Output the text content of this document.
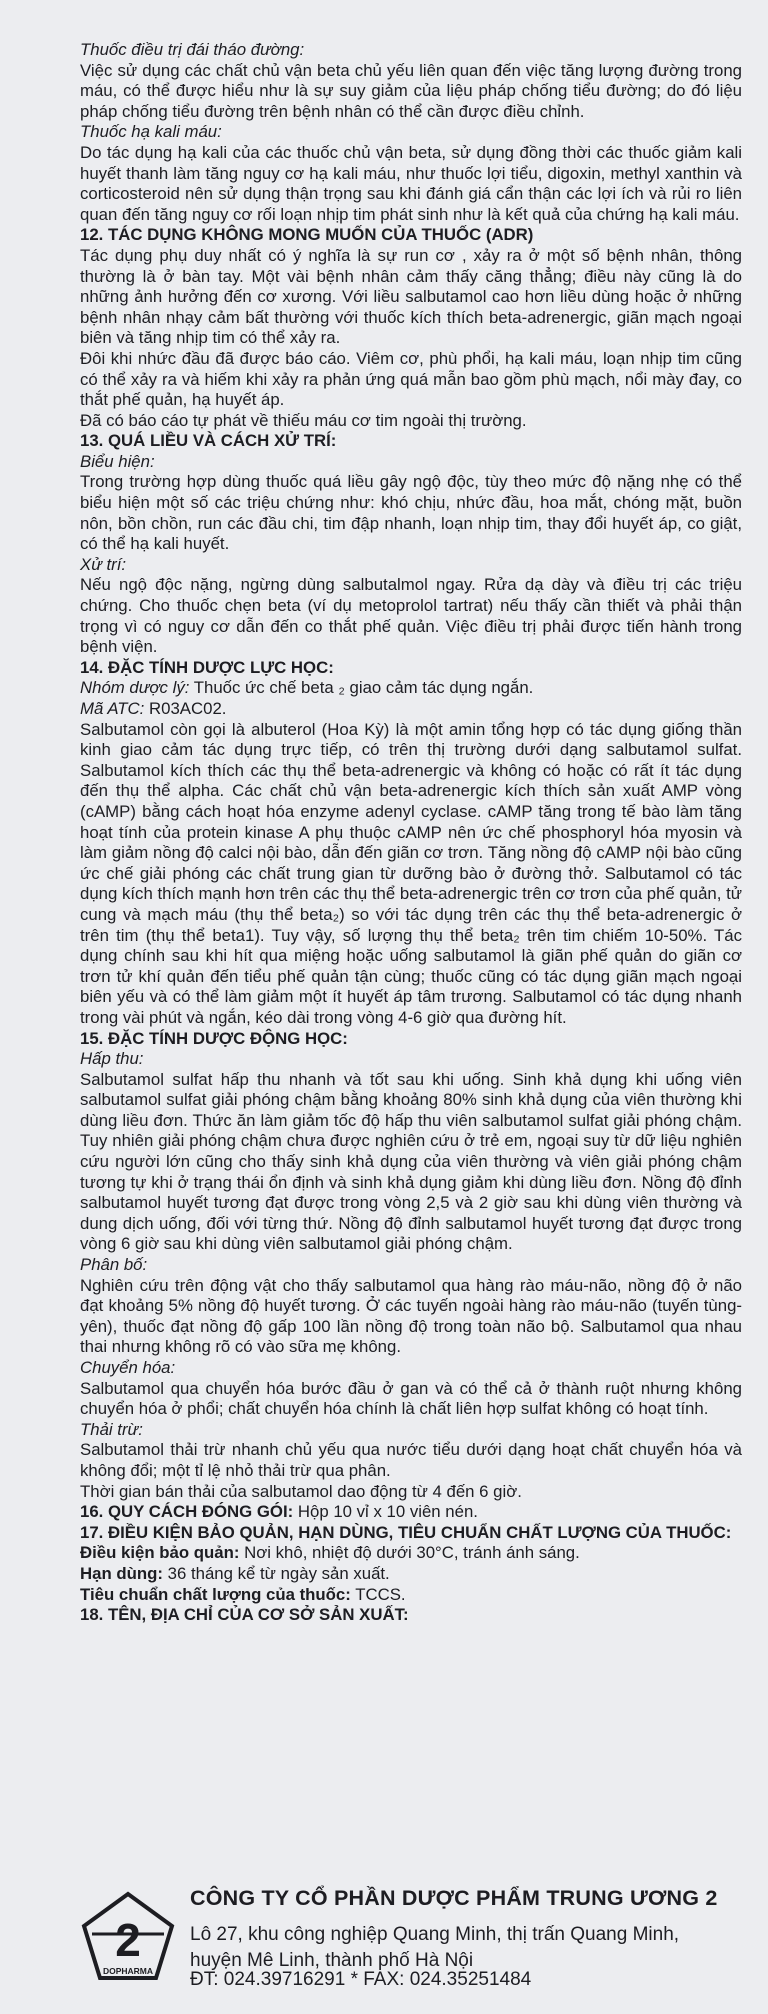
Thuốc điều trị đái tháo đường:

Việc sử dụng các chất chủ vận beta chủ yếu liên quan đến việc tăng lượng đường trong máu, có thể được hiểu như là sự suy giảm của liệu pháp chống tiểu đường; do đó liệu pháp chống tiểu đường trên bệnh nhân có thể cần được điều chỉnh.

Thuốc hạ kali máu:

Do tác dụng hạ kali của các thuốc chủ vận beta, sử dụng đồng thời các thuốc giảm kali huyết thanh làm tăng nguy cơ hạ kali máu, như thuốc lợi tiểu, digoxin, methyl xanthin và corticosteroid nên sử dụng thận trọng sau khi đánh giá cẩn thận các lợi ích và rủi ro liên quan đến tăng nguy cơ rối loạn nhịp tim phát sinh như là kết quả của chứng hạ kali máu.

12. TÁC DỤNG KHÔNG MONG MUỐN CỦA THUỐC (ADR)

Tác dụng phụ duy nhất có ý nghĩa là sự run cơ , xảy ra ở một số bệnh nhân, thông thường là ở bàn tay. Một vài bệnh nhân cảm thấy căng thẳng; điều này cũng là do những ảnh hưởng đến cơ xương. Với liều salbutamol cao hơn liều dùng hoặc ở những bệnh nhân nhạy cảm bất thường với thuốc kích thích beta-adrenergic, giãn mạch ngoại biên và tăng nhịp tim có thể xảy ra.

Đôi khi nhức đầu đã được báo cáo. Viêm cơ, phù phổi, hạ kali máu, loạn nhịp tim cũng có thể xảy ra và hiếm khi xảy ra phản ứng quá mẫn bao gồm phù mạch, nổi mày đay, co thắt phế quản, hạ huyết áp.

Đã có báo cáo tự phát về thiếu máu cơ tim ngoài thị trường.

13. QUÁ LIỀU VÀ CÁCH XỬ TRÍ:

Biểu hiện:

Trong trường hợp dùng thuốc quá liều gây ngộ độc, tùy theo mức độ nặng nhẹ có thể biểu hiện một số các triệu chứng như: khó chịu, nhức đầu, hoa mắt, chóng mặt, buồn nôn, bồn chồn, run các đầu chi, tim đập nhanh, loạn nhịp tim, thay đổi huyết áp, co giật, có thể hạ kali huyết.

Xử trí:

Nếu ngộ độc nặng, ngừng dùng salbutalmol ngay. Rửa dạ dày và điều trị các triệu chứng. Cho thuốc chẹn beta (ví dụ metoprolol tartrat) nếu thấy cần thiết và phải thận trọng vì có nguy cơ dẫn đến co thắt phế quản. Việc điều trị phải được tiến hành trong bệnh viện.

14. ĐẶC TÍNH DƯỢC LỰC HỌC:

Nhóm dược lý: Thuốc ức chế beta ₂ giao cảm tác dụng ngắn.

Mã ATC: R03AC02.

Salbutamol còn gọi là albuterol (Hoa Kỳ) là một amin tổng hợp có tác dụng giống thần kinh giao cảm tác dụng trực tiếp, có trên thị trường dưới dạng salbutamol sulfat. Salbutamol kích thích các thụ thể beta-adrenergic và không có hoặc có rất ít tác dụng đến thụ thể alpha. Các chất chủ vận beta-adrenergic kích thích sản xuất AMP vòng (cAMP) bằng cách hoạt hóa enzyme adenyl cyclase. cAMP tăng trong tế bào làm tăng hoạt tính của protein kinase A phụ thuộc cAMP nên ức chế phosphoryl hóa myosin và làm giảm nồng độ calci nội bào, dẫn đến giãn cơ trơn. Tăng nồng độ cAMP nội bào cũng ức chế giải phóng các chất trung gian từ dưỡng bào ở đường thở. Salbutamol có tác dụng kích thích mạnh hơn trên các thụ thể beta-adrenergic trên cơ trơn của phế quản, tử cung và mạch máu (thụ thể beta₂) so với tác dụng trên các thụ thể beta-adrenergic ở trên tim (thụ thể beta1). Tuy vậy, số lượng thụ thể beta₂ trên tim chiếm 10-50%. Tác dụng chính sau khi hít qua miệng hoặc uống salbutamol là giãn phế quản do giãn cơ trơn tử khí quản đến tiểu phế quản tận cùng; thuốc cũng có tác dụng giãn mạch ngoại biên yếu và có thể làm giảm một ít huyết áp tâm trương. Salbutamol có tác dụng nhanh trong vài phút và ngắn, kéo dài trong vòng 4-6 giờ qua đường hít.

15. ĐẶC TÍNH DƯỢC ĐỘNG HỌC:

Hấp thu:

Salbutamol sulfat hấp thu nhanh và tốt sau khi uống. Sinh khả dụng khi uống viên salbutamol sulfat giải phóng chậm bằng khoảng 80% sinh khả dụng của viên thường khi dùng liều đơn. Thức ăn làm giảm tốc độ hấp thu viên salbutamol sulfat giải phóng chậm. Tuy nhiên giải phóng chậm chưa được nghiên cứu ở trẻ em, ngoại suy từ dữ liệu nghiên cứu người lớn cũng cho thấy sinh khả dụng của viên thường và viên giải phóng chậm tương tự khi ở trạng thái ổn định và sinh khả dụng giảm khi dùng liều đơn. Nồng độ đỉnh salbutamol huyết tương đạt được trong vòng 2,5 và 2 giờ sau khi dùng viên thường và dung dịch uống, đối với từng thứ. Nồng độ đỉnh salbutamol huyết tương đạt được trong vòng 6 giờ sau khi dùng viên salbutamol giải phóng chậm.

Phân bố:

Nghiên cứu trên động vật cho thấy salbutamol qua hàng rào máu-não, nồng độ ở não đạt khoảng 5% nồng độ huyết tương. Ở các tuyến ngoài hàng rào máu-não (tuyến tùng-yên), thuốc đạt nồng độ gấp 100 lần nồng độ trong toàn não bộ. Salbutamol qua nhau thai nhưng không rõ có vào sữa mẹ không.

Chuyển hóa:

Salbutamol qua chuyển hóa bước đầu ở gan và có thể cả ở thành ruột nhưng không chuyển hóa ở phổi; chất chuyển hóa chính là chất liên hợp sulfat không có hoạt tính.

Thải trừ:

Salbutamol thải trừ nhanh chủ yếu qua nước tiểu dưới dạng hoạt chất chuyển hóa và không đổi; một tỉ lệ nhỏ thải trừ qua phân.

Thời gian bán thải của salbutamol dao động từ 4 đến 6 giờ.

16. QUY CÁCH ĐÓNG GÓI: Hộp 10 vỉ x 10 viên nén.

17. ĐIỀU KIỆN BẢO QUẢN, HẠN DÙNG, TIÊU CHUẨN CHẤT LƯỢNG CỦA THUỐC:

Điều kiện bảo quản: Nơi khô, nhiệt độ dưới 30°C, tránh ánh sáng.

Hạn dùng: 36 tháng kể từ ngày sản xuất.

Tiêu chuẩn chất lượng của thuốc: TCCS.

18. TÊN, ĐỊA CHỈ CỦA CƠ SỞ SẢN XUẤT:

2
DOPHARMA
CÔNG TY CỔ PHẦN DƯỢC PHẨM TRUNG ƯƠNG 2
Lô 27, khu công nghiệp Quang Minh, thị trấn Quang Minh,
huyện Mê Linh, thành phố Hà Nội
ĐT: 024.39716291 * FAX: 024.35251484
